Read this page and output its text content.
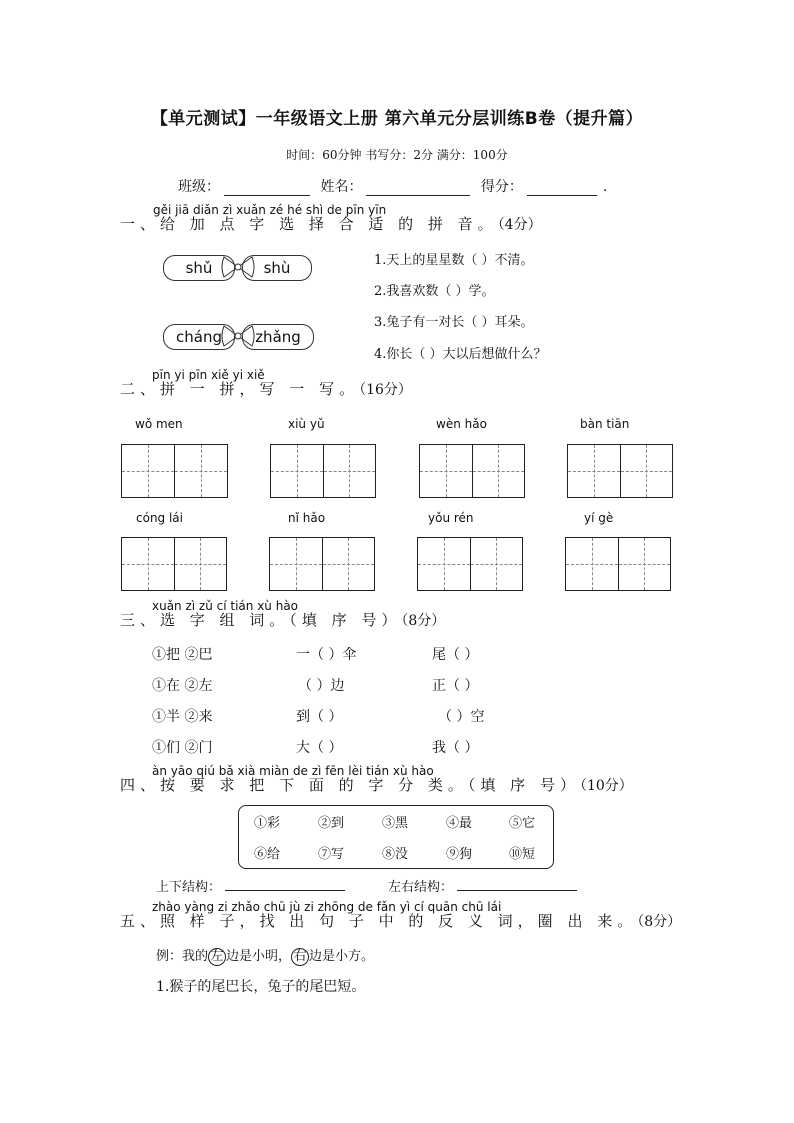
【单元测试】一年级语文上册 第六单元分层训练B卷（提升篇）
时间：60分钟 书写分：2分 满分：100分
班级：	姓名：	得分：	.
gěi jiā diǎn zì xuǎn zé hé shì de pīn yīn
一、给 加 点 字 选 择 合 适 的 拼 音。（4分）
shǔ	shù
cháng	zhǎng
1.天上的星星数（ ）不清。
2.我喜欢数（ ）学。
3.兔子有一对长（ ）耳朵。
4.你长（ ）大以后想做什么？
pīn yi pīn xiě yi xiě
二、拼 一 拼，写 一 写。（16分）
wǒ men	xiù yǔ	wèn hǎo	bàn tiān
cóng lái	nǐ hǎo	yǒu rén	yí gè
xuǎn zì zǔ cí tián xù hào
三、选 字 组 词。（填 序 号）（8分）
①把 ②巴	一（ ）伞	尾（ ）
①在 ②左	（ ）边	正（ ）
①半 ②来	到（ ）	（ ）空
①们 ②门	大（ ）	我（ ）
àn yāo qiú bǎ xià miàn de zì fēn lèi tián xù hào
四、按 要 求 把 下 面 的 字 分 类。（填 序 号）（10分）
①彩	②到	③黑	④最	⑤它
⑥给	⑦写	⑧没	⑨狗	⑩短
上下结构：	左右结构：
zhào yàng zi zhǎo chū jù zi zhōng de fǎn yì cí quān chū lái
五、照 样 子，找 出 句 子 中 的 反 义 词，圈 出 来。（8分）
例：我的 左 边是小明， 右 边是小方。
1.猴子的尾巴长，兔子的尾巴短。
